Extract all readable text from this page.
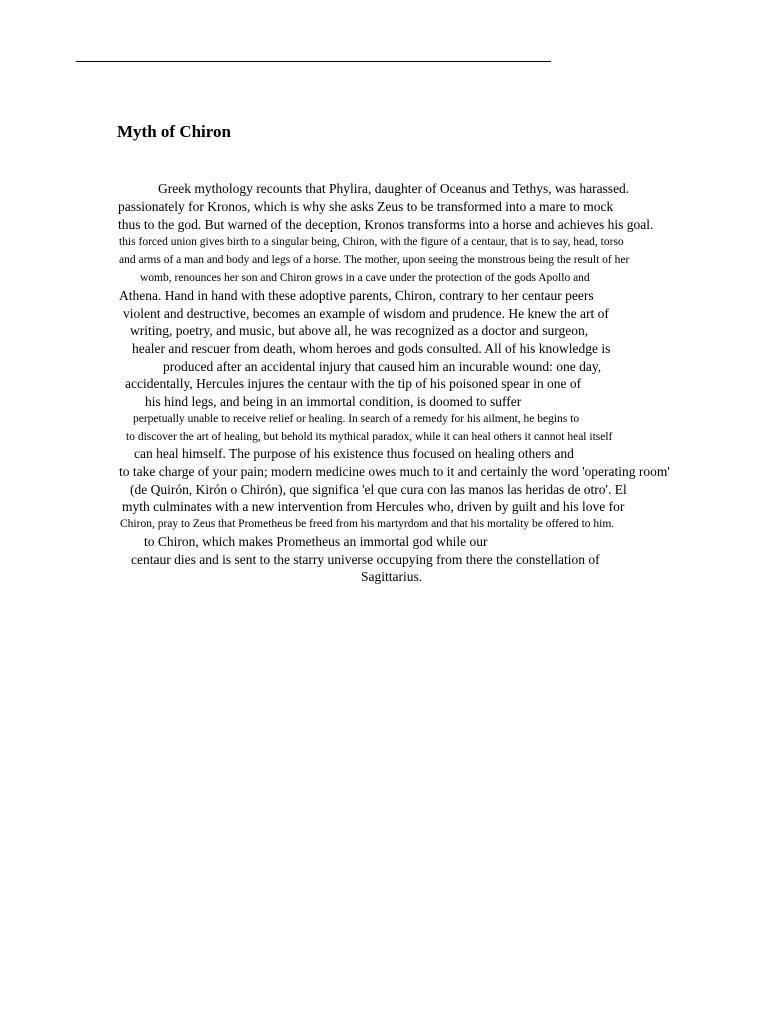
Myth of Chiron

Greek mythology recounts that Phylira, daughter of Oceanus and Tethys, was harassed.

passionately for Kronos, which is why she asks Zeus to be transformed into a mare to mock

thus to the god. But warned of the deception, Kronos transforms into a horse and achieves his goal.

this forced union gives birth to a singular being, Chiron, with the figure of a centaur, that is to say, head, torso

and arms of a man and body and legs of a horse. The mother, upon seeing the monstrous being the result of her

womb, renounces her son and Chiron grows in a cave under the protection of the gods Apollo and

Athena. Hand in hand with these adoptive parents, Chiron, contrary to her centaur peers

violent and destructive, becomes an example of wisdom and prudence. He knew the art of

writing, poetry, and music, but above all, he was recognized as a doctor and surgeon,

healer and rescuer from death, whom heroes and gods consulted. All of his knowledge is

produced after an accidental injury that caused him an incurable wound: one day,

accidentally, Hercules injures the centaur with the tip of his poisoned spear in one of

his hind legs, and being in an immortal condition, is doomed to suffer

perpetually unable to receive relief or healing. In search of a remedy for his ailment, he begins to

to discover the art of healing, but behold its mythical paradox, while it can heal others it cannot heal itself

can heal himself. The purpose of his existence thus focused on healing others and

to take charge of your pain; modern medicine owes much to it and certainly the word 'operating room'

(de Quirón, Kirón o Chirón), que significa 'el que cura con las manos las heridas de otro'. El

myth culminates with a new intervention from Hercules who, driven by guilt and his love for

Chiron, pray to Zeus that Prometheus be freed from his martyrdom and that his mortality be offered to him.

to Chiron, which makes Prometheus an immortal god while our

centaur dies and is sent to the starry universe occupying from there the constellation of

Sagittarius.
